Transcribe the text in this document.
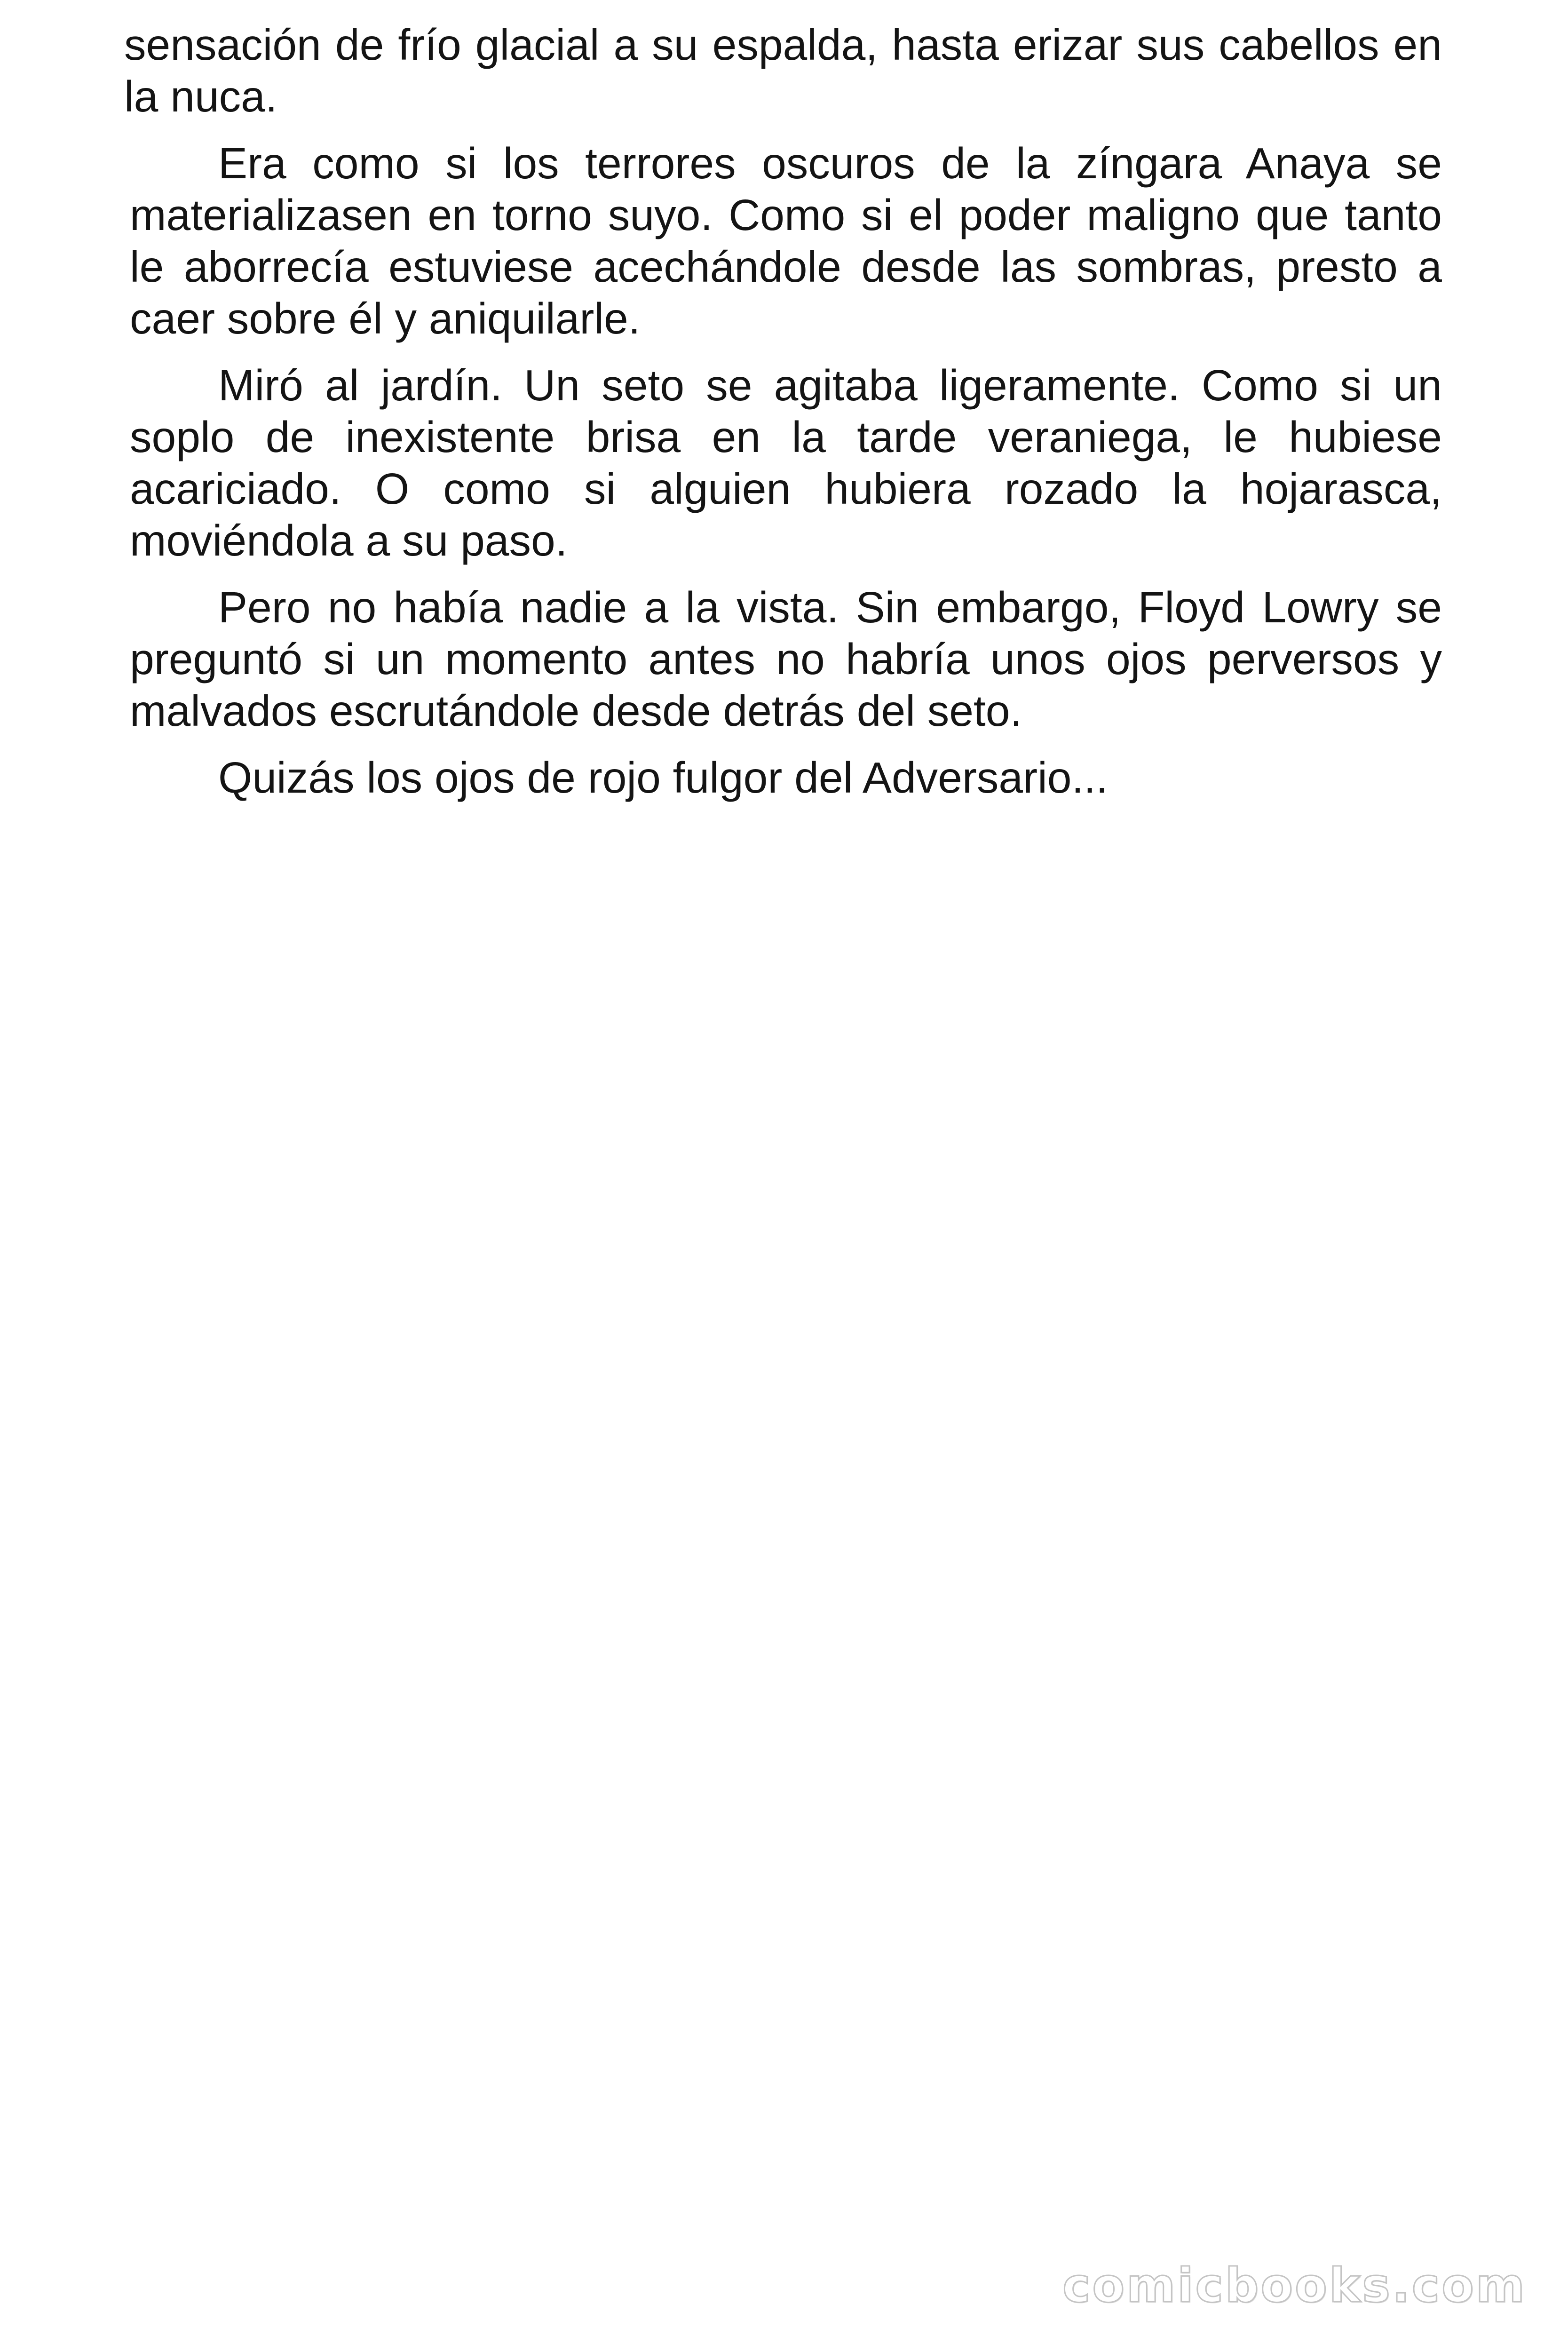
sensación de frío glacial a su espalda, hasta erizar sus cabellos en la nuca.

Era como si los terrores oscuros de la zíngara Anaya se materializasen en torno suyo. Como si el poder maligno que tanto le aborrecía estuviese acechándole desde las sombras, presto a caer sobre él y aniquilarle.

Miró al jardín. Un seto se agitaba ligeramente. Como si un soplo de inexistente brisa en la tarde veraniega, le hubiese acariciado. O como si alguien hubiera rozado la hojarasca, moviéndola a su paso.

Pero no había nadie a la vista. Sin embargo, Floyd Lowry se preguntó si un momento antes no habría unos ojos perversos y malvados escrutándole desde detrás del seto.

Quizás los ojos de rojo fulgor del Adversario...

comicbooks.com
